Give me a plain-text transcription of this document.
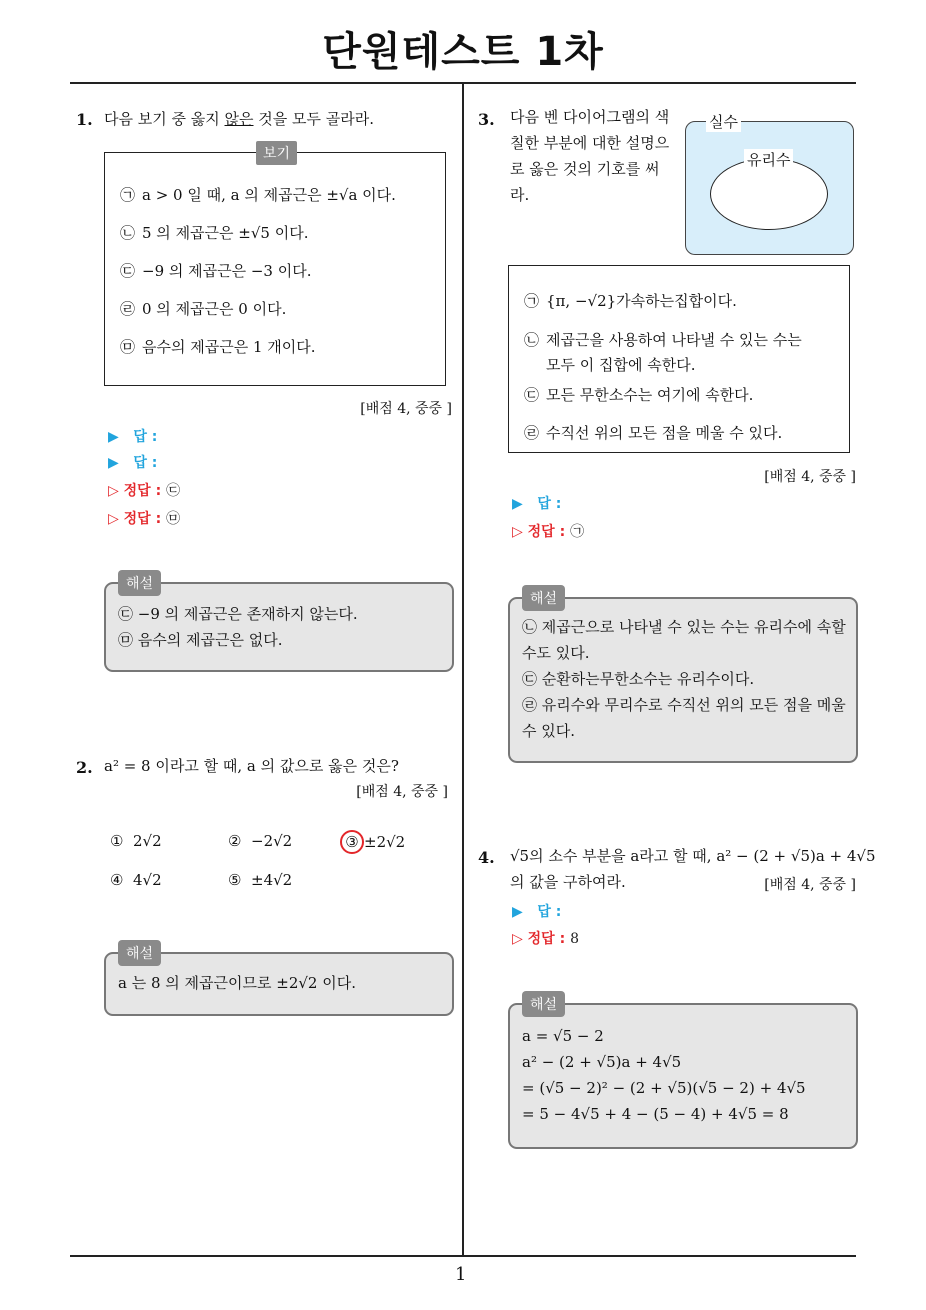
단원테스트 1차
1
1. 다음 보기 중 옳지 않은 것을 모두 골라라.
보기
㉠ a > 0 일 때, a 의 제곱근은 ±√a 이다.
㉡ 5 의 제곱근은 ±√5 이다.
㉢ −9 의 제곱근은 −3 이다.
㉣ 0 의 제곱근은 0 이다.
㉤ 음수의 제곱근은 1 개이다.
[배점 4, 중중 ]
▶ 답 :
▶ 답 :
▷ 정답 : ㉢
▷ 정답 : ㉤
해설
㉢ −9 의 제곱근은 존재하지 않는다.
㉤ 음수의 제곱근은 없다.
2. a² = 8 이라고 할 때, a 의 값으로 옳은 것은?
[배점 4, 중중 ]
① 2√2	② −2√2	③ ±2√2
④ 4√2	⑤ ±4√2
해설
a 는 8 의 제곱근이므로 ±2√2 이다.
3. 다음 벤 다이어그램의 색
칠한 부분에 대한 설명으
로 옳은 것의 기호를 써
라.
실수
유리수
㉠ {π, −√2}가속하는집합이다.
㉡ 제곱근을 사용하여 나타낼 수 있는 수는
모두 이 집합에 속한다.
㉢ 모든 무한소수는 여기에 속한다.
㉣ 수직선 위의 모든 점을 메울 수 있다.
[배점 4, 중중 ]
▶ 답 :
▷ 정답 : ㉠
해설
㉡ 제곱근으로 나타낼 수 있는 수는 유리수에 속할
수도 있다.
㉢ 순환하는무한소수는 유리수이다.
㉣ 유리수와 무리수로 수직선 위의 모든 점을 메울
수 있다.
4. √5의 소수 부분을 a라고 할 때, a² − (2 + √5)a + 4√5
의 값을 구하여라.	[배점 4, 중중 ]
▶ 답 :
▷ 정답 : 8
해설
a = √5 − 2
a² − (2 + √5)a + 4√5
= (√5 − 2)² − (2 + √5)(√5 − 2) + 4√5
= 5 − 4√5 + 4 − (5 − 4) + 4√5 = 8
